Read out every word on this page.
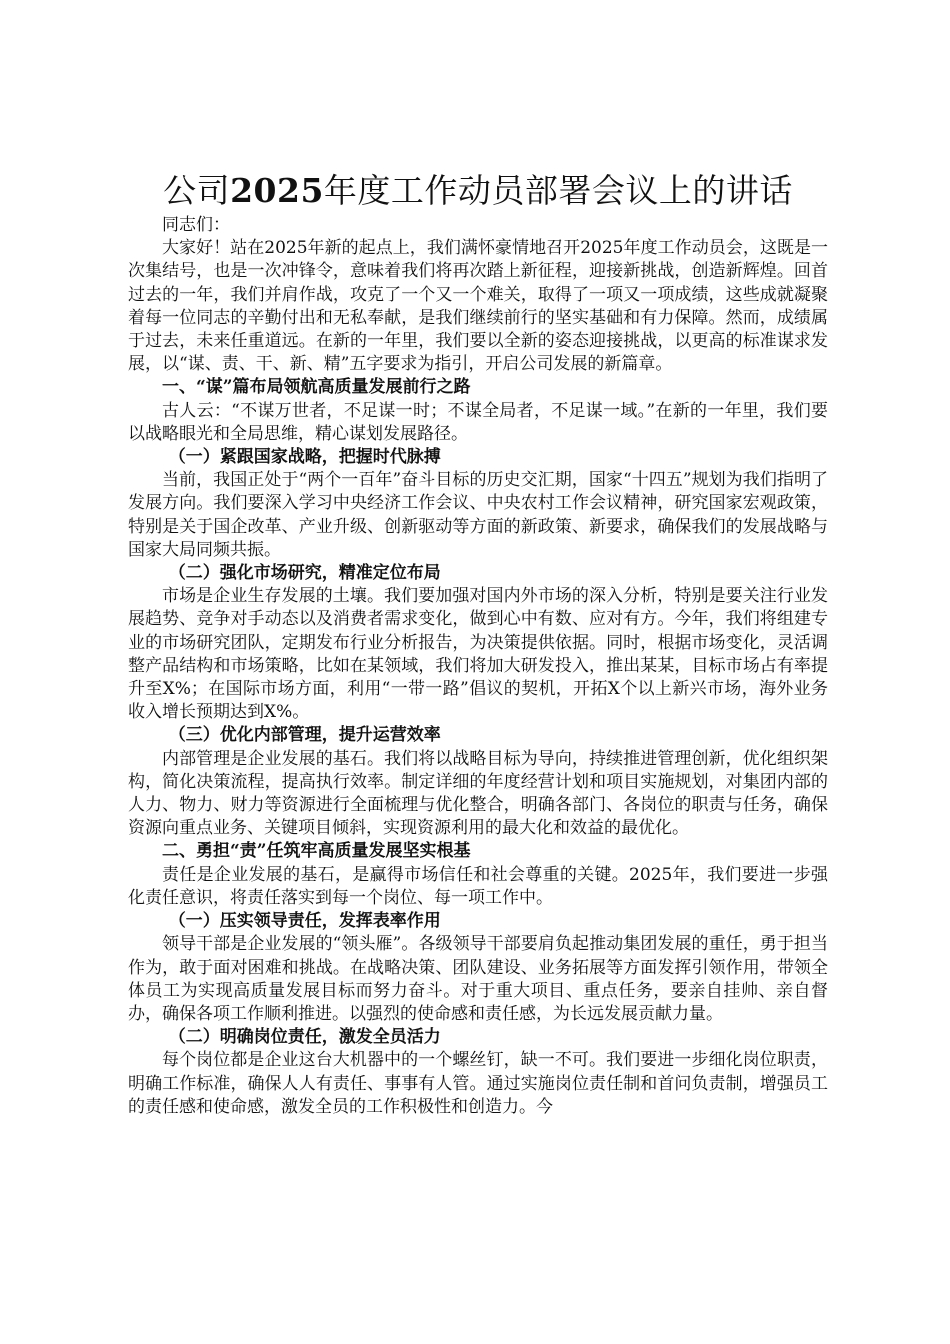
公司2025年度工作动员部署会议上的讲话

同志们：

大家好！站在2025年新的起点上，我们满怀豪情地召开2025年度工作动员会，这既是一次集结号，也是一次冲锋令，意味着我们将再次踏上新征程，迎接新挑战，创造新辉煌。回首过去的一年，我们并肩作战，攻克了一个又一个难关，取得了一项又一项成绩，这些成就凝聚着每一位同志的辛勤付出和无私奉献，是我们继续前行的坚实基础和有力保障。然而，成绩属于过去，未来任重道远。在新的一年里，我们要以全新的姿态迎接挑战，以更高的标准谋求发展，以“谋、责、干、新、精”五字要求为指引，开启公司发展的新篇章。

一、“谋”篇布局领航高质量发展前行之路

古人云：“不谋万世者，不足谋一时；不谋全局者，不足谋一域。”在新的一年里，我们要以战略眼光和全局思维，精心谋划发展路径。

（一）紧跟国家战略，把握时代脉搏

当前，我国正处于“两个一百年”奋斗目标的历史交汇期，国家“十四五”规划为我们指明了发展方向。我们要深入学习中央经济工作会议、中央农村工作会议精神，研究国家宏观政策，特别是关于国企改革、产业升级、创新驱动等方面的新政策、新要求，确保我们的发展战略与国家大局同频共振。

（二）强化市场研究，精准定位布局

市场是企业生存发展的土壤。我们要加强对国内外市场的深入分析，特别是要关注行业发展趋势、竞争对手动态以及消费者需求变化，做到心中有数、应对有方。今年，我们将组建专业的市场研究团队，定期发布行业分析报告，为决策提供依据。同时，根据市场变化，灵活调整产品结构和市场策略，比如在某领域，我们将加大研发投入，推出某某，目标市场占有率提升至X%；在国际市场方面，利用“一带一路”倡议的契机，开拓X个以上新兴市场，海外业务收入增长预期达到X%。

（三）优化内部管理，提升运营效率

内部管理是企业发展的基石。我们将以战略目标为导向，持续推进管理创新，优化组织架构，简化决策流程，提高执行效率。制定详细的年度经营计划和项目实施规划，对集团内部的人力、物力、财力等资源进行全面梳理与优化整合，明确各部门、各岗位的职责与任务，确保资源向重点业务、关键项目倾斜，实现资源利用的最大化和效益的最优化。

二、勇担“责”任筑牢高质量发展坚实根基

责任是企业发展的基石，是赢得市场信任和社会尊重的关键。2025年，我们要进一步强化责任意识，将责任落实到每一个岗位、每一项工作中。

（一）压实领导责任，发挥表率作用

领导干部是企业发展的“领头雁”。各级领导干部要肩负起推动集团发展的重任，勇于担当作为，敢于面对困难和挑战。在战略决策、团队建设、业务拓展等方面发挥引领作用，带领全体员工为实现高质量发展目标而努力奋斗。对于重大项目、重点任务，要亲自挂帅、亲自督办，确保各项工作顺利推进。以强烈的使命感和责任感，为长远发展贡献力量。

（二）明确岗位责任，激发全员活力

每个岗位都是企业这台大机器中的一个螺丝钉，缺一不可。我们要进一步细化岗位职责，明确工作标准，确保人人有责任、事事有人管。通过实施岗位责任制和首问负责制，增强员工的责任感和使命感，激发全员的工作积极性和创造力。今
